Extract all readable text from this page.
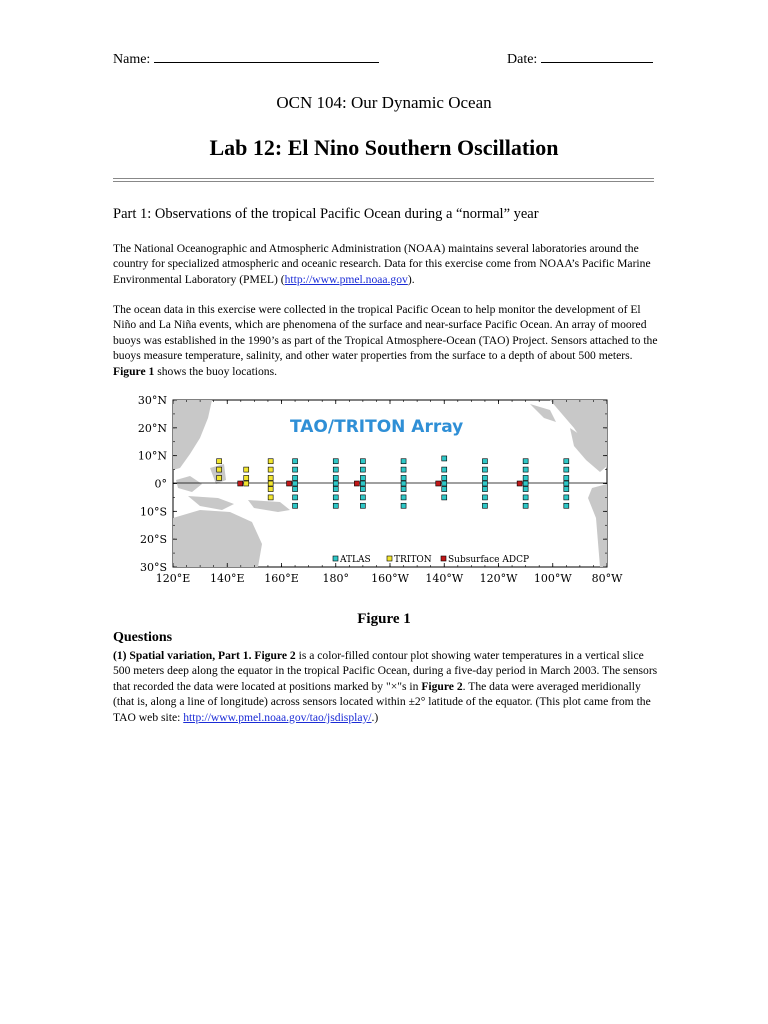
Name:	Date:
OCN 104: Our Dynamic Ocean
Lab 12: El Nino Southern Oscillation
Part 1: Observations of the tropical Pacific Ocean during a “normal” year
The National Oceanographic and Atmospheric Administration (NOAA) maintains several laboratories around the country for specialized atmospheric and oceanic research. Data for this exercise come from NOAA’s Pacific Marine Environmental Laboratory (PMEL) (http://www.pmel.noaa.gov).
The ocean data in this exercise were collected in the tropical Pacific Ocean to help monitor the development of El Niño and La Niña events, which are phenomena of the surface and near-surface Pacific Ocean. An array of moored buoys was established in the 1990’s as part of the Tropical Atmosphere-Ocean (TAO) Project. Sensors attached to the buoys measure temperature, salinity, and other water properties from the surface to a depth of about 500 meters. Figure 1 shows the buoy locations.
30°N
20°N
10°N
0°
10°S
20°S
30°S
120°E 140°E 160°E 180° 160°W 140°W 120°W 100°W 80°W
TAO/TRITON Array
ATLAS	TRITON Subsurface ADCP
Figure 1
Questions
(1) Spatial variation, Part 1. Figure 2 is a color-filled contour plot showing water temperatures in a vertical slice 500 meters deep along the equator in the tropical Pacific Ocean, during a five-day period in March 2003. The sensors that recorded the data were located at positions marked by "×"s in Figure 2. The data were averaged meridionally (that is, along a line of longitude) across sensors located within ±2° latitude of the equator. (This plot came from the TAO web site: http://www.pmel.noaa.gov/tao/jsdisplay/.)
